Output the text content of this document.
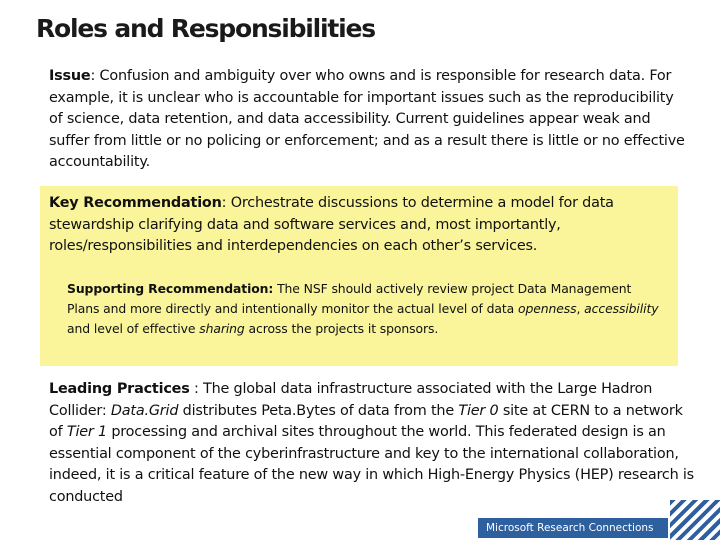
Roles and Responsibilities
Issue: Confusion and ambiguity over who owns and is responsible for research data. For example, it is unclear who is accountable for important issues such as the reproducibility of science, data retention, and data accessibility. Current guidelines appear weak and suffer from little or no policing or enforcement; and as a result there is little or no effective accountability.
Key Recommendation: Orchestrate discussions to determine a model for data stewardship clarifying data and software services and, most importantly, roles/responsibilities and interdependencies on each other’s services.
Supporting Recommendation: The NSF should actively review project Data Management Plans and more directly and intentionally monitor the actual level of data openness, accessibility and level of effective sharing across the projects it sponsors.
Leading Practices : The global data infrastructure associated with the Large Hadron Collider: Data.Grid distributes Peta.Bytes of data from the Tier 0 site at CERN to a network of Tier 1 processing and archival sites throughout the world. This federated design is an essential component of the cyberinfrastructure and key to the international collaboration, indeed, it is a critical feature of the new way in which High-Energy Physics (HEP) research is conducted
Microsoft Research Connections
